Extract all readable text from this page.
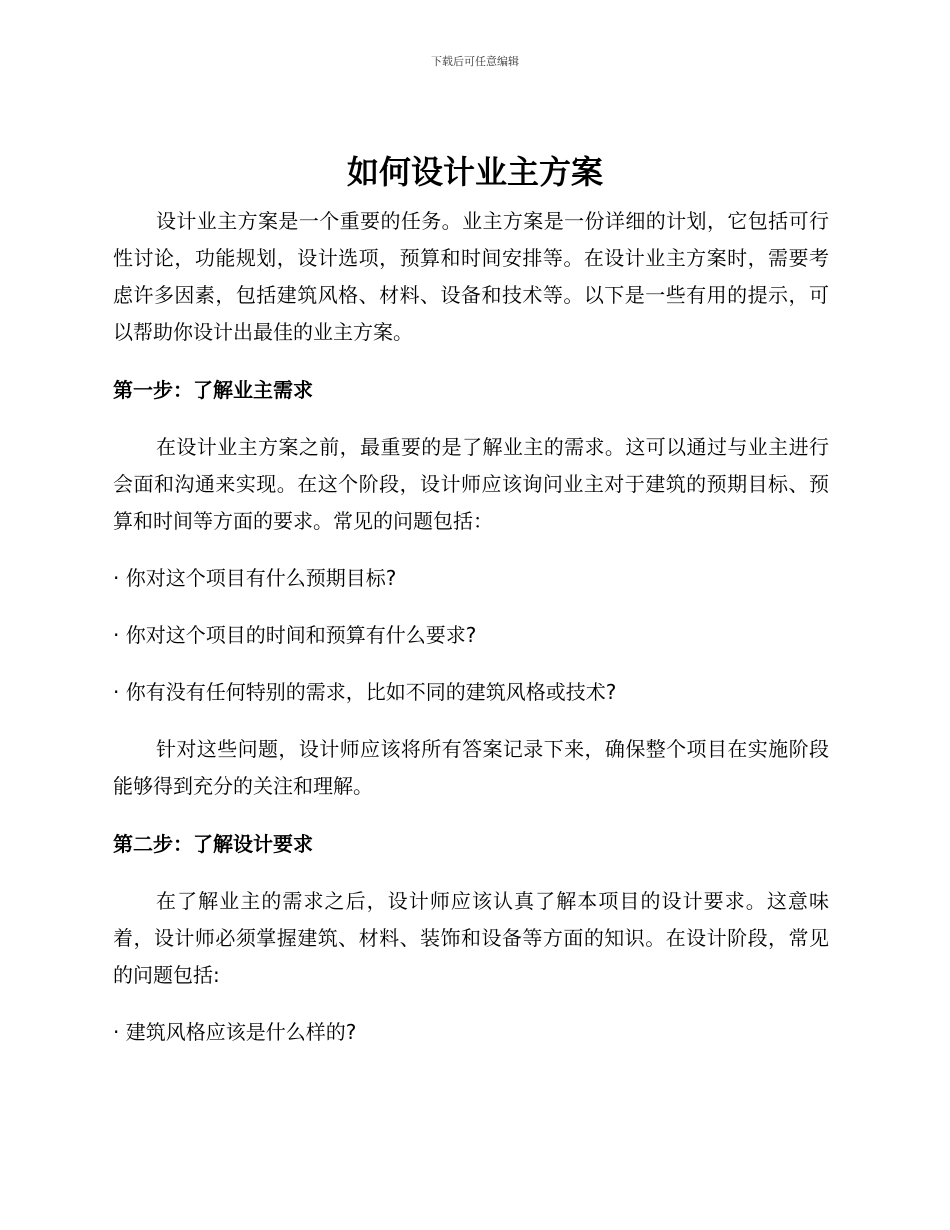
下载后可任意编辑
如何设计业主方案

设计业主方案是一个重要的任务。业主方案是一份详细的计划，它包括可行性讨论，功能规划，设计选项，预算和时间安排等。在设计业主方案时，需要考虑许多因素，包括建筑风格、材料、设备和技术等。以下是一些有用的提示，可以帮助你设计出最佳的业主方案。

第一步：了解业主需求

在设计业主方案之前，最重要的是了解业主的需求。这可以通过与业主进行会面和沟通来实现。在这个阶段，设计师应该询问业主对于建筑的预期目标、预算和时间等方面的要求。常见的问题包括：

· 你对这个项目有什么预期目标?

· 你对这个项目的时间和预算有什么要求?

· 你有没有任何特别的需求，比如不同的建筑风格或技术?

针对这些问题，设计师应该将所有答案记录下来，确保整个项目在实施阶段能够得到充分的关注和理解。

第二步：了解设计要求

在了解业主的需求之后，设计师应该认真了解本项目的设计要求。这意味着，设计师必须掌握建筑、材料、装饰和设备等方面的知识。在设计阶段，常见的问题包括:

· 建筑风格应该是什么样的?
